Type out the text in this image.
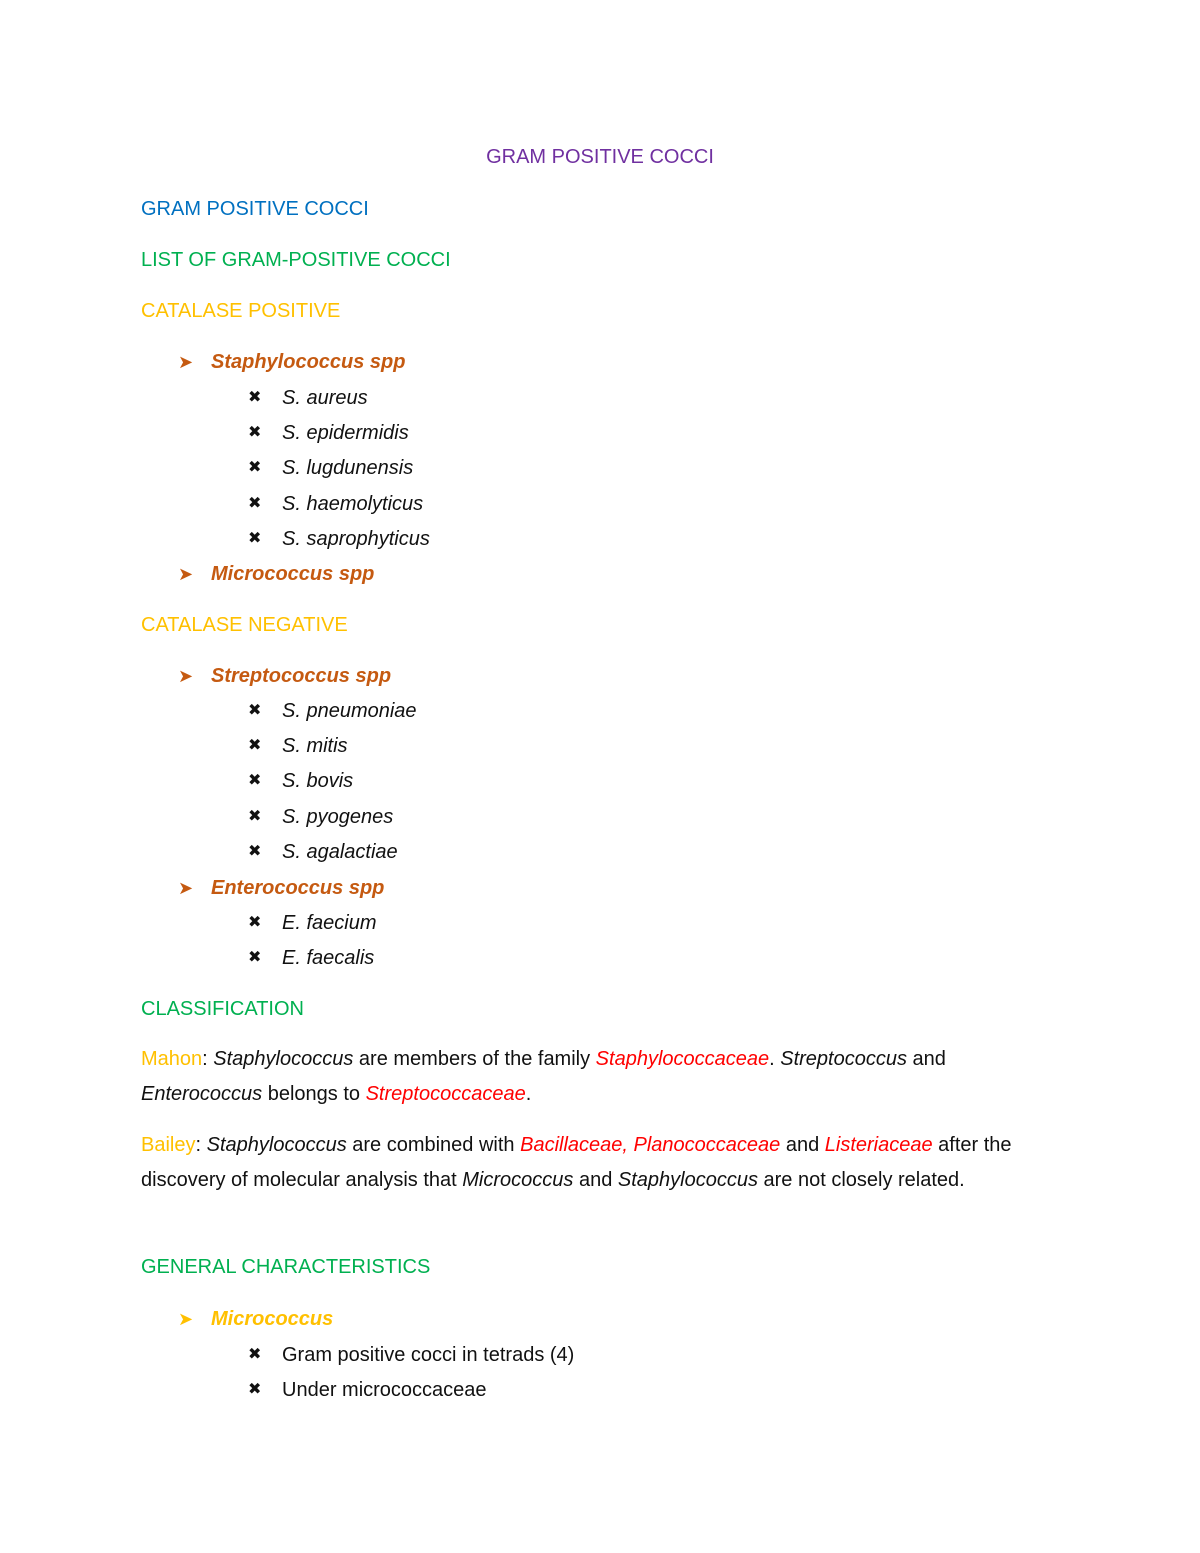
GRAM POSITIVE COCCI
GRAM POSITIVE COCCI
LIST OF GRAM-POSITIVE COCCI
CATALASE POSITIVE
➤ Staphylococcus spp
✖ S. aureus
✖ S. epidermidis
✖ S. lugdunensis
✖ S. haemolyticus
✖ S. saprophyticus
➤ Micrococcus spp
CATALASE NEGATIVE
➤ Streptococcus spp
✖ S. pneumoniae
✖ S. mitis
✖ S. bovis
✖ S. pyogenes
✖ S. agalactiae
➤ Enterococcus spp
✖ E. faecium
✖ E. faecalis
CLASSIFICATION
Mahon: Staphylococcus are members of the family Staphylococcaceae. Streptococcus and
Enterococcus belongs to Streptococcaceae.
Bailey: Staphylococcus are combined with Bacillaceae, Planococcaceae and Listeriaceae after the discovery of molecular analysis that Micrococcus and Staphylococcus are not closely related.
GENERAL CHARACTERISTICS
➤ Micrococcus
✖ Gram positive cocci in tetrads (4)
✖ Under micrococcaceae
